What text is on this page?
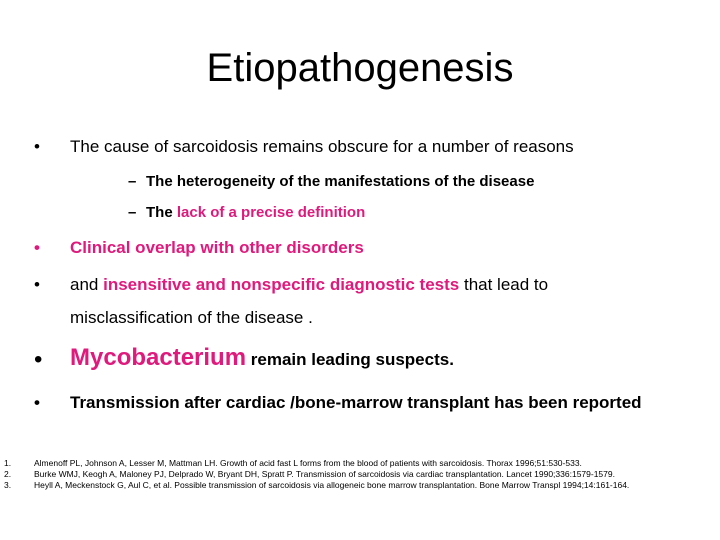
Etiopathogenesis
• The cause of sarcoidosis remains obscure for a number of reasons
– The heterogeneity of the manifestations of the disease
– The lack of a precise definition
• Clinical overlap with other disorders
• and insensitive and nonspecific diagnostic tests that lead to
misclassification of the disease .
• Mycobacterium remain leading suspects.
• Transmission after cardiac /bone-marrow transplant has been reported
1.	Almenoff PL, Johnson A, Lesser M, Mattman LH. Growth of acid fast L forms from the blood of patients with sarcoidosis. Thorax 1996;51:530-533.
2.	Burke WMJ, Keogh A, Maloney PJ, Delprado W, Bryant DH, Spratt P. Transmission of sarcoidosis via cardiac transplantation. Lancet 1990;336:1579-1579.
3.	Heyll A, Meckenstock G, Aul C, et al. Possible transmission of sarcoidosis via allogeneic bone marrow transplantation. Bone Marrow Transpl 1994;14:161-164.
